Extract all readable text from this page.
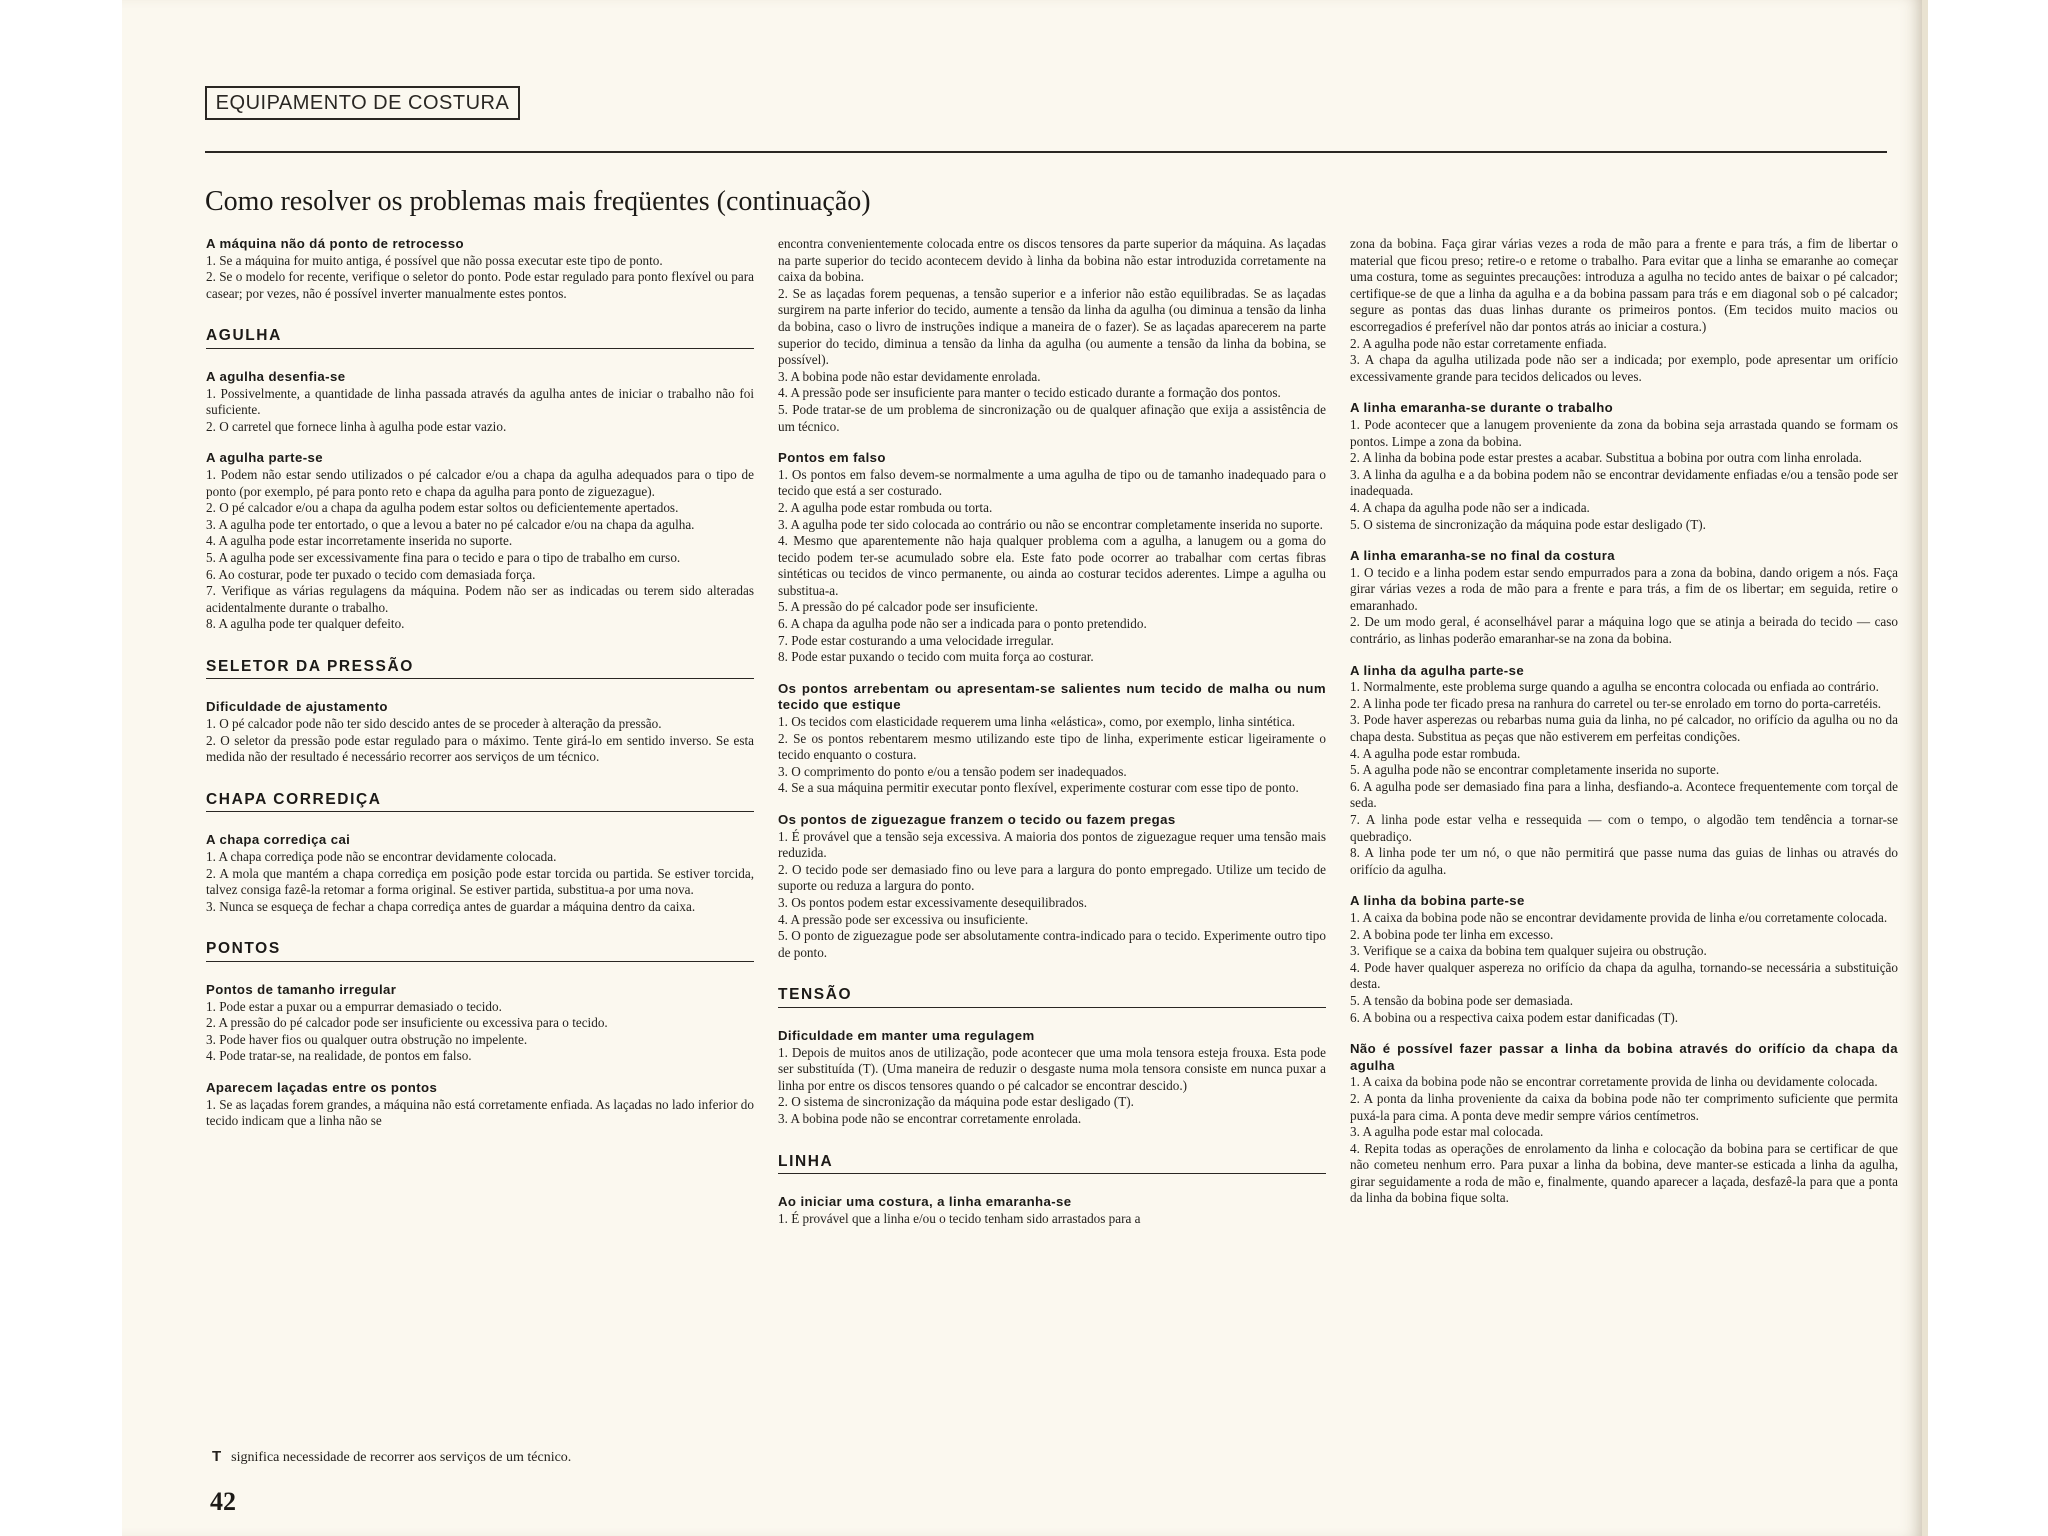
EQUIPAMENTO DE COSTURA
Como resolver os problemas mais freqüentes (continuação)
A máquina não dá ponto de retrocesso

1. Se a máquina for muito antiga, é possível que não possa executar este tipo de ponto.

2. Se o modelo for recente, verifique o seletor do ponto. Pode estar regulado para ponto flexível ou para casear; por vezes, não é possível inverter manualmente estes pontos.

AGULHA
A agulha desenfia-se

1. Possivelmente, a quantidade de linha passada através da agulha antes de iniciar o trabalho não foi suficiente.

2. O carretel que fornece linha à agulha pode estar vazio.

A agulha parte-se

1. Podem não estar sendo utilizados o pé calcador e/ou a chapa da agulha adequados para o tipo de ponto (por exemplo, pé para ponto reto e chapa da agulha para ponto de ziguezague).

2. O pé calcador e/ou a chapa da agulha podem estar soltos ou deficientemente apertados.

3. A agulha pode ter entortado, o que a levou a bater no pé calcador e/ou na chapa da agulha.

4. A agulha pode estar incorretamente inserida no suporte.

5. A agulha pode ser excessivamente fina para o tecido e para o tipo de trabalho em curso.

6. Ao costurar, pode ter puxado o tecido com demasiada força.

7. Verifique as várias regulagens da máquina. Podem não ser as indicadas ou terem sido alteradas acidentalmente durante o trabalho.

8. A agulha pode ter qualquer defeito.

SELETOR DA PRESSÃO
Dificuldade de ajustamento

1. O pé calcador pode não ter sido descido antes de se proceder à alteração da pressão.

2. O seletor da pressão pode estar regulado para o máximo. Tente girá-lo em sentido inverso. Se esta medida não der resultado é necessário recorrer aos serviços de um técnico.

CHAPA CORREDIÇA
A chapa corrediça cai

1. A chapa corrediça pode não se encontrar devidamente colocada.

2. A mola que mantém a chapa corrediça em posição pode estar torcida ou partida. Se estiver torcida, talvez consiga fazê-la retomar a forma original. Se estiver partida, substitua-a por uma nova.

3. Nunca se esqueça de fechar a chapa corrediça antes de guardar a máquina dentro da caixa.

PONTOS
Pontos de tamanho irregular

1. Pode estar a puxar ou a empurrar demasiado o tecido.

2. A pressão do pé calcador pode ser insuficiente ou excessiva para o tecido.

3. Pode haver fios ou qualquer outra obstrução no impelente.

4. Pode tratar-se, na realidade, de pontos em falso.

Aparecem laçadas entre os pontos

1. Se as laçadas forem grandes, a máquina não está corretamente enfiada. As laçadas no lado inferior do tecido indicam que a linha não se

encontra convenientemente colocada entre os discos tensores da parte superior da máquina. As laçadas na parte superior do tecido acontecem devido à linha da bobina não estar introduzida corretamente na caixa da bobina.

2. Se as laçadas forem pequenas, a tensão superior e a inferior não estão equilibradas. Se as laçadas surgirem na parte inferior do tecido, aumente a tensão da linha da agulha (ou diminua a tensão da linha da bobina, caso o livro de instruções indique a maneira de o fazer). Se as laçadas aparecerem na parte superior do tecido, diminua a tensão da linha da agulha (ou aumente a tensão da linha da bobina, se possível).

3. A bobina pode não estar devidamente enrolada.

4. A pressão pode ser insuficiente para manter o tecido esticado durante a formação dos pontos.

5. Pode tratar-se de um problema de sincronização ou de qualquer afinação que exija a assistência de um técnico.

Pontos em falso

1. Os pontos em falso devem-se normalmente a uma agulha de tipo ou de tamanho inadequado para o tecido que está a ser costurado.

2. A agulha pode estar rombuda ou torta.

3. A agulha pode ter sido colocada ao contrário ou não se encontrar completamente inserida no suporte.

4. Mesmo que aparentemente não haja qualquer problema com a agulha, a lanugem ou a goma do tecido podem ter-se acumulado sobre ela. Este fato pode ocorrer ao trabalhar com certas fibras sintéticas ou tecidos de vinco permanente, ou ainda ao costurar tecidos aderentes. Limpe a agulha ou substitua-a.

5. A pressão do pé calcador pode ser insuficiente.

6. A chapa da agulha pode não ser a indicada para o ponto pretendido.

7. Pode estar costurando a uma velocidade irregular.

8. Pode estar puxando o tecido com muita força ao costurar.

Os pontos arrebentam ou apresentam-se salientes num tecido de malha ou num tecido que estique

1. Os tecidos com elasticidade requerem uma linha «elástica», como, por exemplo, linha sintética.

2. Se os pontos rebentarem mesmo utilizando este tipo de linha, experimente esticar ligeiramente o tecido enquanto o costura.

3. O comprimento do ponto e/ou a tensão podem ser inadequados.

4. Se a sua máquina permitir executar ponto flexível, experimente costurar com esse tipo de ponto.

Os pontos de ziguezague franzem o tecido ou fazem pregas

1. É provável que a tensão seja excessiva. A maioria dos pontos de ziguezague requer uma tensão mais reduzida.

2. O tecido pode ser demasiado fino ou leve para a largura do ponto empregado. Utilize um tecido de suporte ou reduza a largura do ponto.

3. Os pontos podem estar excessivamente desequilibrados.

4. A pressão pode ser excessiva ou insuficiente.

5. O ponto de ziguezague pode ser absolutamente contra-indicado para o tecido. Experimente outro tipo de ponto.

TENSÃO
Dificuldade em manter uma regulagem

1. Depois de muitos anos de utilização, pode acontecer que uma mola tensora esteja frouxa. Esta pode ser substituída (T). (Uma maneira de reduzir o desgaste numa mola tensora consiste em nunca puxar a linha por entre os discos tensores quando o pé calcador se encontrar descido.)

2. O sistema de sincronização da máquina pode estar desligado (T).

3. A bobina pode não se encontrar corretamente enrolada.

LINHA
Ao iniciar uma costura, a linha emaranha-se

1. É provável que a linha e/ou o tecido tenham sido arrastados para a

zona da bobina. Faça girar várias vezes a roda de mão para a frente e para trás, a fim de libertar o material que ficou preso; retire-o e retome o trabalho. Para evitar que a linha se emaranhe ao começar uma costura, tome as seguintes precauções: introduza a agulha no tecido antes de baixar o pé calcador; certifique-se de que a linha da agulha e a da bobina passam para trás e em diagonal sob o pé calcador; segure as pontas das duas linhas durante os primeiros pontos. (Em tecidos muito macios ou escorregadios é preferível não dar pontos atrás ao iniciar a costura.)

2. A agulha pode não estar corretamente enfiada.

3. A chapa da agulha utilizada pode não ser a indicada; por exemplo, pode apresentar um orifício excessivamente grande para tecidos delicados ou leves.

A linha emaranha-se durante o trabalho

1. Pode acontecer que a lanugem proveniente da zona da bobina seja arrastada quando se formam os pontos. Limpe a zona da bobina.

2. A linha da bobina pode estar prestes a acabar. Substitua a bobina por outra com linha enrolada.

3. A linha da agulha e a da bobina podem não se encontrar devidamente enfiadas e/ou a tensão pode ser inadequada.

4. A chapa da agulha pode não ser a indicada.

5. O sistema de sincronização da máquina pode estar desligado (T).

A linha emaranha-se no final da costura

1. O tecido e a linha podem estar sendo empurrados para a zona da bobina, dando origem a nós. Faça girar várias vezes a roda de mão para a frente e para trás, a fim de os libertar; em seguida, retire o emaranhado.

2. De um modo geral, é aconselhável parar a máquina logo que se atinja a beirada do tecido — caso contrário, as linhas poderão emaranhar-se na zona da bobina.

A linha da agulha parte-se

1. Normalmente, este problema surge quando a agulha se encontra colocada ou enfiada ao contrário.

2. A linha pode ter ficado presa na ranhura do carretel ou ter-se enrolado em torno do porta-carretéis.

3. Pode haver asperezas ou rebarbas numa guia da linha, no pé calcador, no orifício da agulha ou no da chapa desta. Substitua as peças que não estiverem em perfeitas condições.

4. A agulha pode estar rombuda.

5. A agulha pode não se encontrar completamente inserida no suporte.

6. A agulha pode ser demasiado fina para a linha, desfiando-a. Acontece frequentemente com torçal de seda.

7. A linha pode estar velha e ressequida — com o tempo, o algodão tem tendência a tornar-se quebradiço.

8. A linha pode ter um nó, o que não permitirá que passe numa das guias de linhas ou através do orifício da agulha.

A linha da bobina parte-se

1. A caixa da bobina pode não se encontrar devidamente provida de linha e/ou corretamente colocada.

2. A bobina pode ter linha em excesso.

3. Verifique se a caixa da bobina tem qualquer sujeira ou obstrução.

4. Pode haver qualquer aspereza no orifício da chapa da agulha, tornando-se necessária a substituição desta.

5. A tensão da bobina pode ser demasiada.

6. A bobina ou a respectiva caixa podem estar danificadas (T).

Não é possível fazer passar a linha da bobina através do orifício da chapa da agulha

1. A caixa da bobina pode não se encontrar corretamente provida de linha ou devidamente colocada.

2. A ponta da linha proveniente da caixa da bobina pode não ter comprimento suficiente que permita puxá-la para cima. A ponta deve medir sempre vários centímetros.

3. A agulha pode estar mal colocada.

4. Repita todas as operações de enrolamento da linha e colocação da bobina para se certificar de que não cometeu nenhum erro. Para puxar a linha da bobina, deve manter-se esticada a linha da agulha, girar seguidamente a roda de mão e, finalmente, quando aparecer a laçada, desfazê-la para que a ponta da linha da bobina fique solta.

T significa necessidade de recorrer aos serviços de um técnico.
42
